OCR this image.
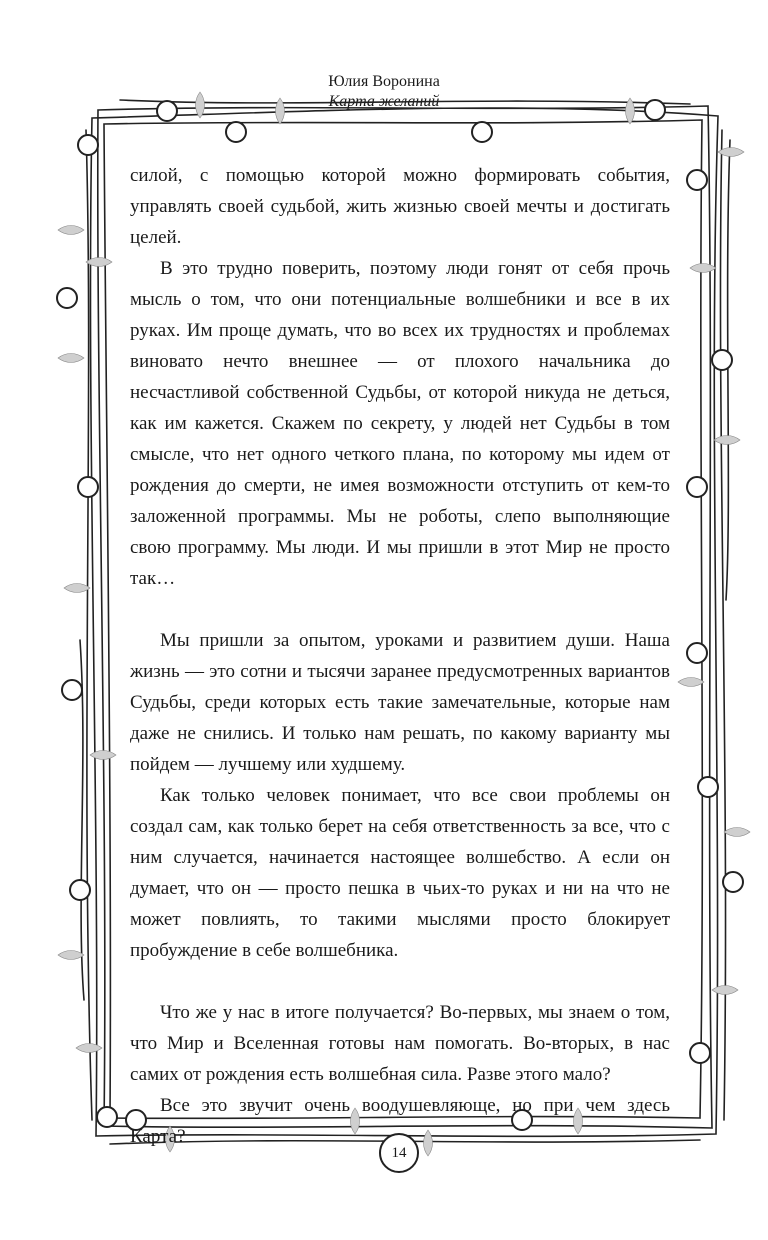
Юлия Воронина
Карта желаний

силой, с помощью которой можно формировать события, управлять своей судьбой, жить жизнью своей мечты и достигать целей.

В это трудно поверить, поэтому люди гонят от себя прочь мысль о том, что они потенциальные волшебники и все в их руках. Им проще думать, что во всех их трудностях и проблемах виновато нечто внешнее — от плохого начальника до несчастливой собственной Судьбы, от которой никуда не деться, как им кажется. Скажем по секрету, у людей нет Судьбы в том смысле, что нет одного четкого плана, по которому мы идем от рождения до смерти, не имея возможности отступить от кем-то заложенной программы. Мы не роботы, слепо выполняющие свою программу. Мы люди. И мы пришли в этот Мир не просто так…

Мы пришли за опытом, уроками и развитием души. Наша жизнь — это сотни и тысячи заранее предусмотренных вариантов Судьбы, среди которых есть такие замечательные, которые нам даже не снились. И только нам решать, по какому варианту мы пойдем — лучшему или худшему.

Как только человек понимает, что все свои проблемы он создал сам, как только берет на себя ответственность за все, что с ним случается, начинается настоящее волшебство. А если он думает, что он — просто пешка в чьих-то руках и ни на что не может повлиять, то такими мыслями просто блокирует пробуждение в себе волшебника.

Что же у нас в итоге получается? Во-первых, мы знаем о том, что Мир и Вселенная готовы нам помогать. Во-вторых, в нас самих от рождения есть волшебная сила. Разве этого мало?

Все это звучит очень воодушевляюще, но при чем здесь Карта?

14
